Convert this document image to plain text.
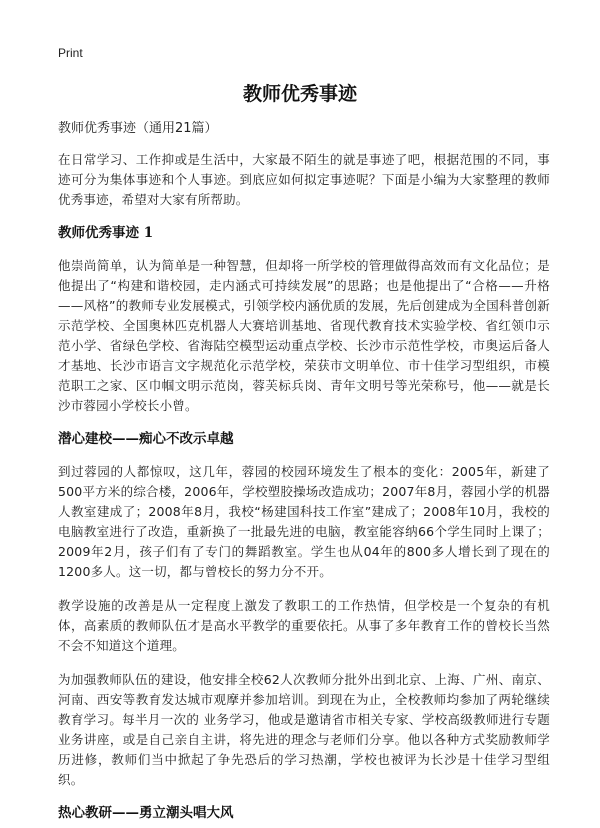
Print
教师优秀事迹
教师优秀事迹（通用21篇）

在日常学习、工作抑或是生活中，大家最不陌生的就是事迹了吧，根据范围的不同，事迹可分为集体事迹和个人事迹。到底应如何拟定事迹呢？下面是小编为大家整理的教师优秀事迹，希望对大家有所帮助。

教师优秀事迹 1

他崇尚简单，认为简单是一种智慧，但却将一所学校的管理做得高效而有文化品位；是他提出了“构建和谐校园，走内涵式可持续发展”的思路；也是他提出了“合格——升格——风格”的教师专业发展模式，引领学校内涵优质的发展，先后创建成为全国科普创新示范学校、全国奥林匹克机器人大赛培训基地、省现代教育技术实验学校、省红领巾示范小学、省绿色学校、省海陆空模型运动重点学校、长沙市示范性学校，市奥运后备人才基地、长沙市语言文字规范化示范学校，荣获市文明单位、市十佳学习型组织，市模范职工之家、区巾帼文明示范岗，蓉芙标兵岗、青年文明号等光荣称号，他——就是长沙市蓉园小学校长小曾。

潜心建校——痴心不改示卓越

到过蓉园的人都惊叹，这几年，蓉园的校园环境发生了根本的变化：2005年，新建了500平方米的综合楼，2006年，学校塑胶操场改造成功；2007年8月，蓉园小学的机器人教室建成了；2008年8月，我校“杨建国科技工作室”建成了；2008年10月，我校的电脑教室进行了改造，重新换了一批最先进的电脑，教室能容纳66个学生同时上课了；2009年2月，孩子们有了专门的舞蹈教室。学生也从04年的800多人增长到了现在的1200多人。这一切，都与曾校长的努力分不开。

教学设施的改善是从一定程度上激发了教职工的工作热情，但学校是一个复杂的有机体，高素质的教师队伍才是高水平教学的重要依托。从事了多年教育工作的曾校长当然不会不知道这个道理。

为加强教师队伍的建设，他安排全校62人次教师分批外出到北京、上海、广州、南京、河南、西安等教育发达城市观摩并参加培训。到现在为止，全校教师均参加了两轮继续教育学习。每半月一次的 业务学习，他或是邀请省市相关专家、学校高级教师进行专题业务讲座，或是自己亲自主讲，将先进的理念与老师们分享。他以各种方式奖励教师学历进修，教师们当中掀起了争先恐后的学习热潮，学校也被评为长沙是十佳学习型组织。

热心教研——勇立潮头唱大风
